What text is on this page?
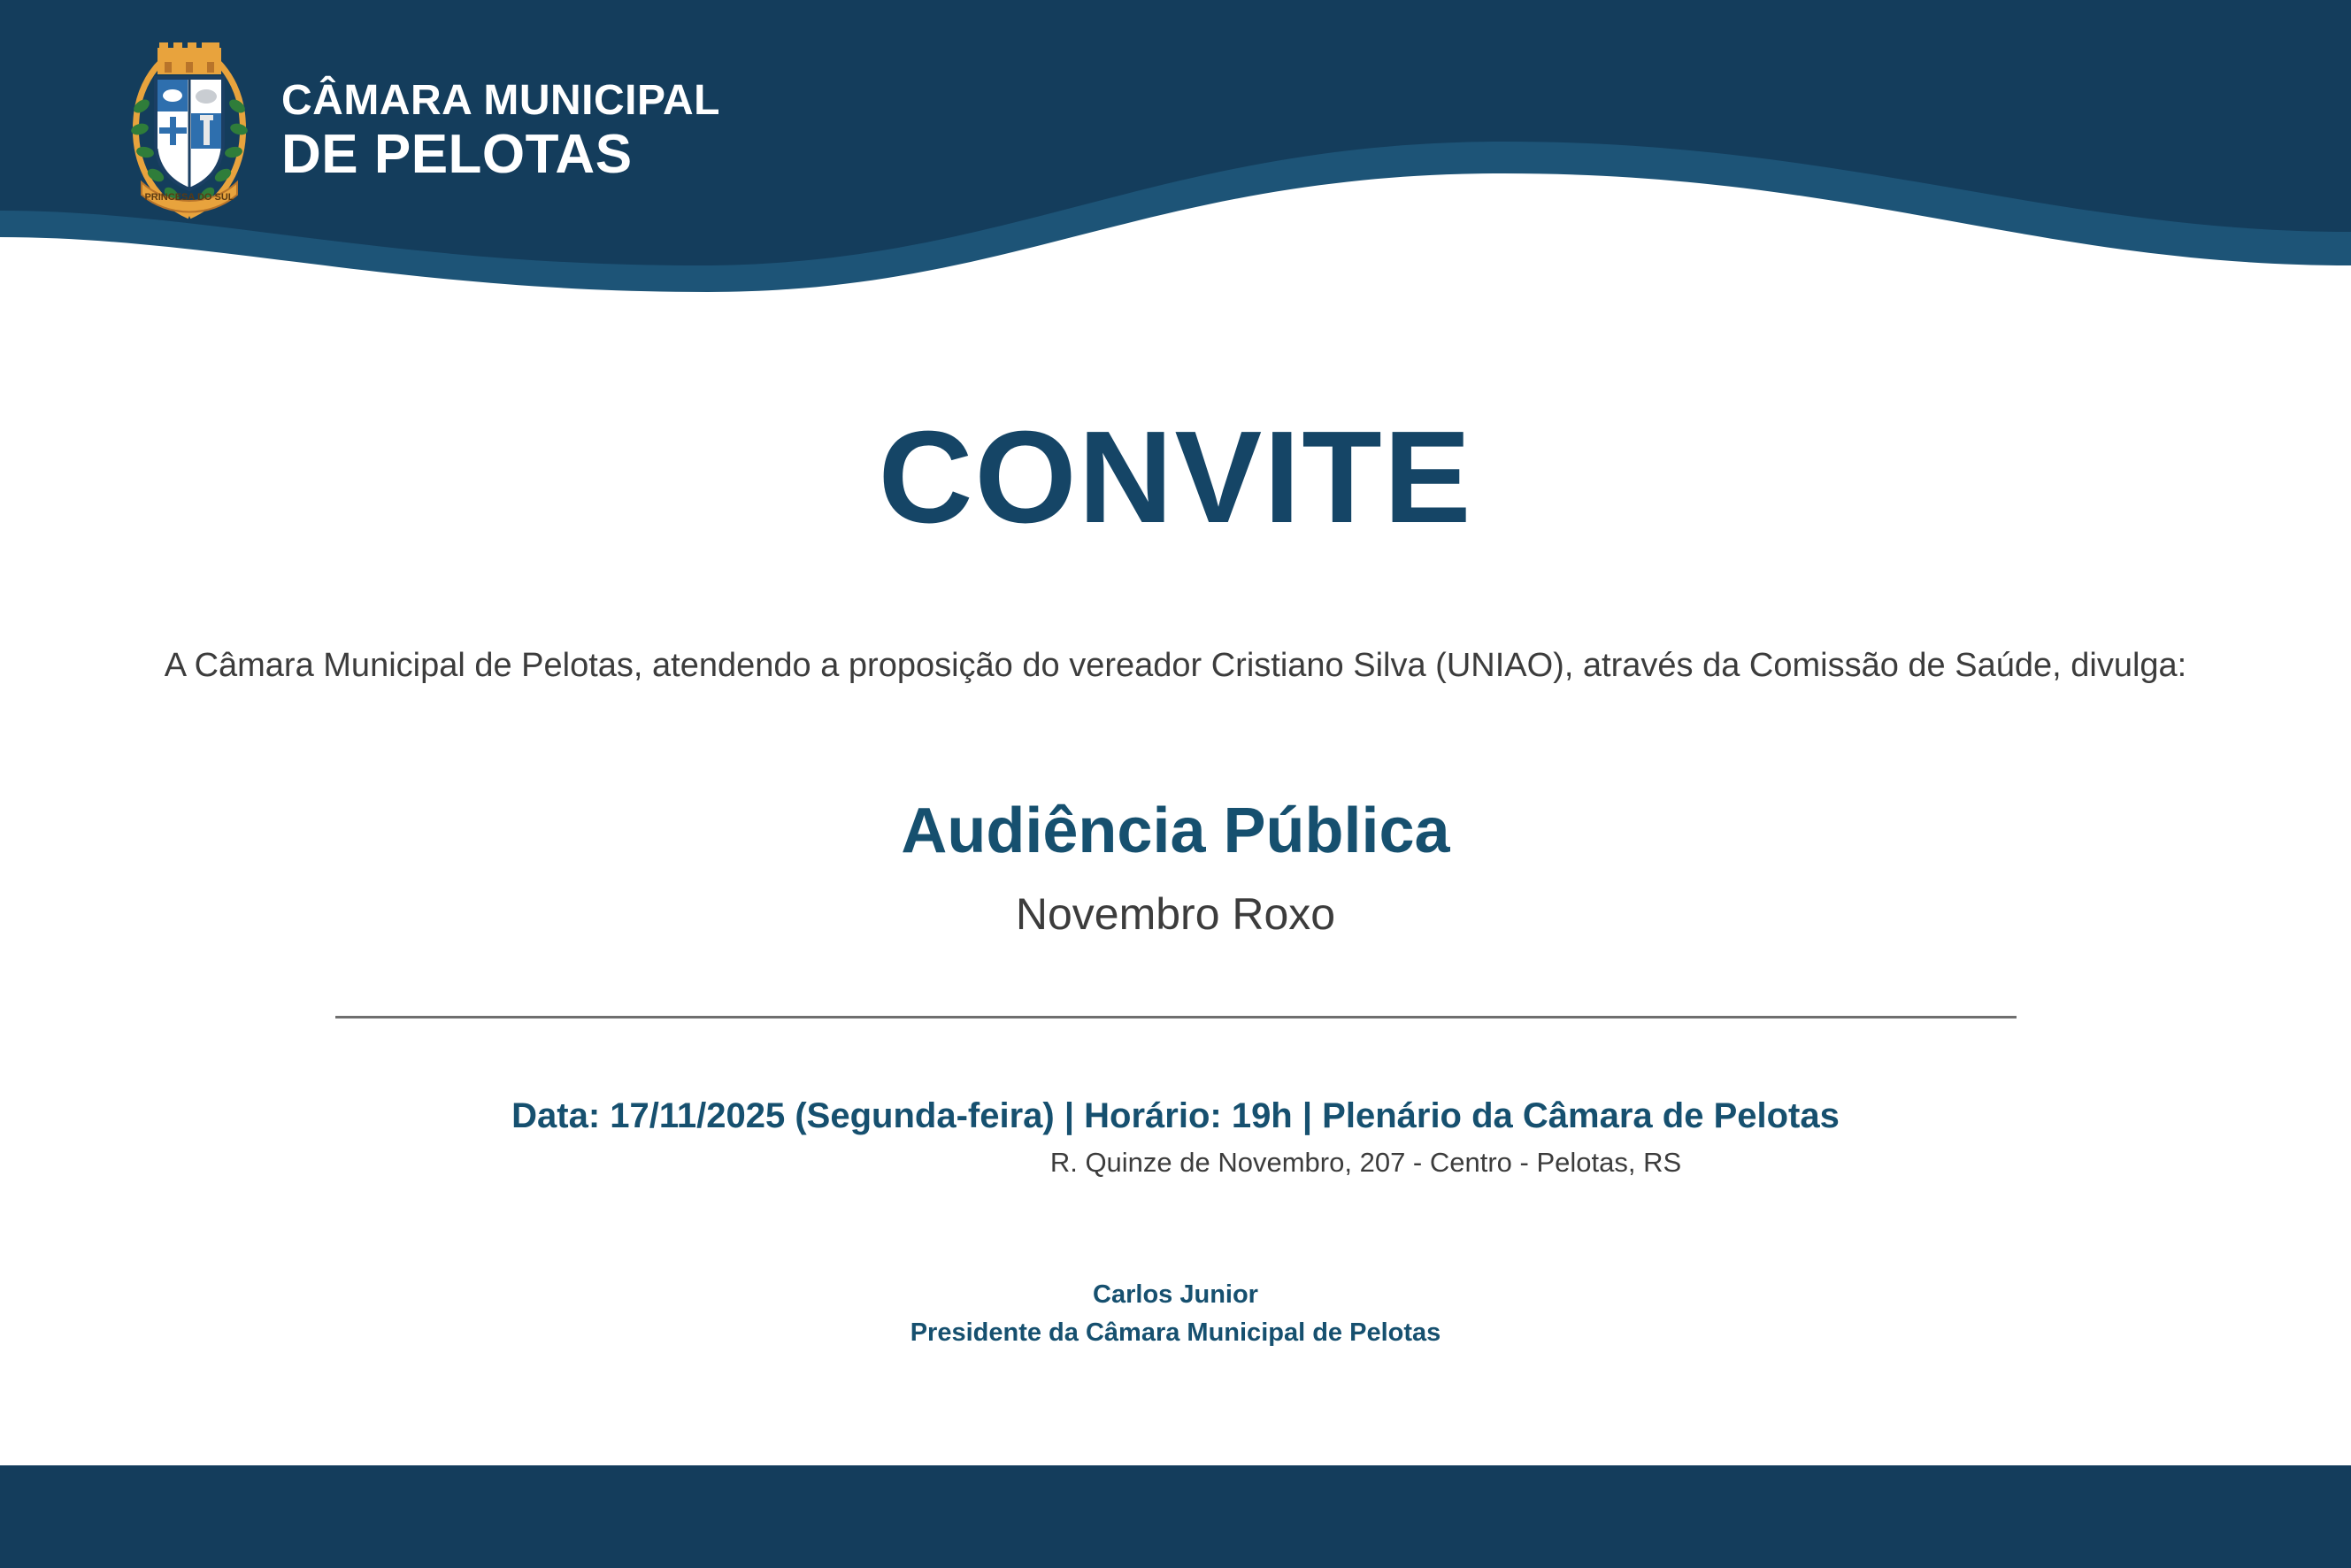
PRINCESA DO SUL
CÂMARA MUNICIPAL
DE PELOTAS
CONVITE
A Câmara Municipal de Pelotas, atendendo a proposição do vereador Cristiano Silva (UNIAO), através da Comissão de Saúde, divulga:
Audiência Pública
Novembro Roxo
Data: 17/11/2025 (Segunda-feira) | Horário: 19h | Plenário da Câmara de Pelotas
R. Quinze de Novembro, 207 - Centro - Pelotas, RS
Carlos Junior
Presidente da Câmara Municipal de Pelotas
